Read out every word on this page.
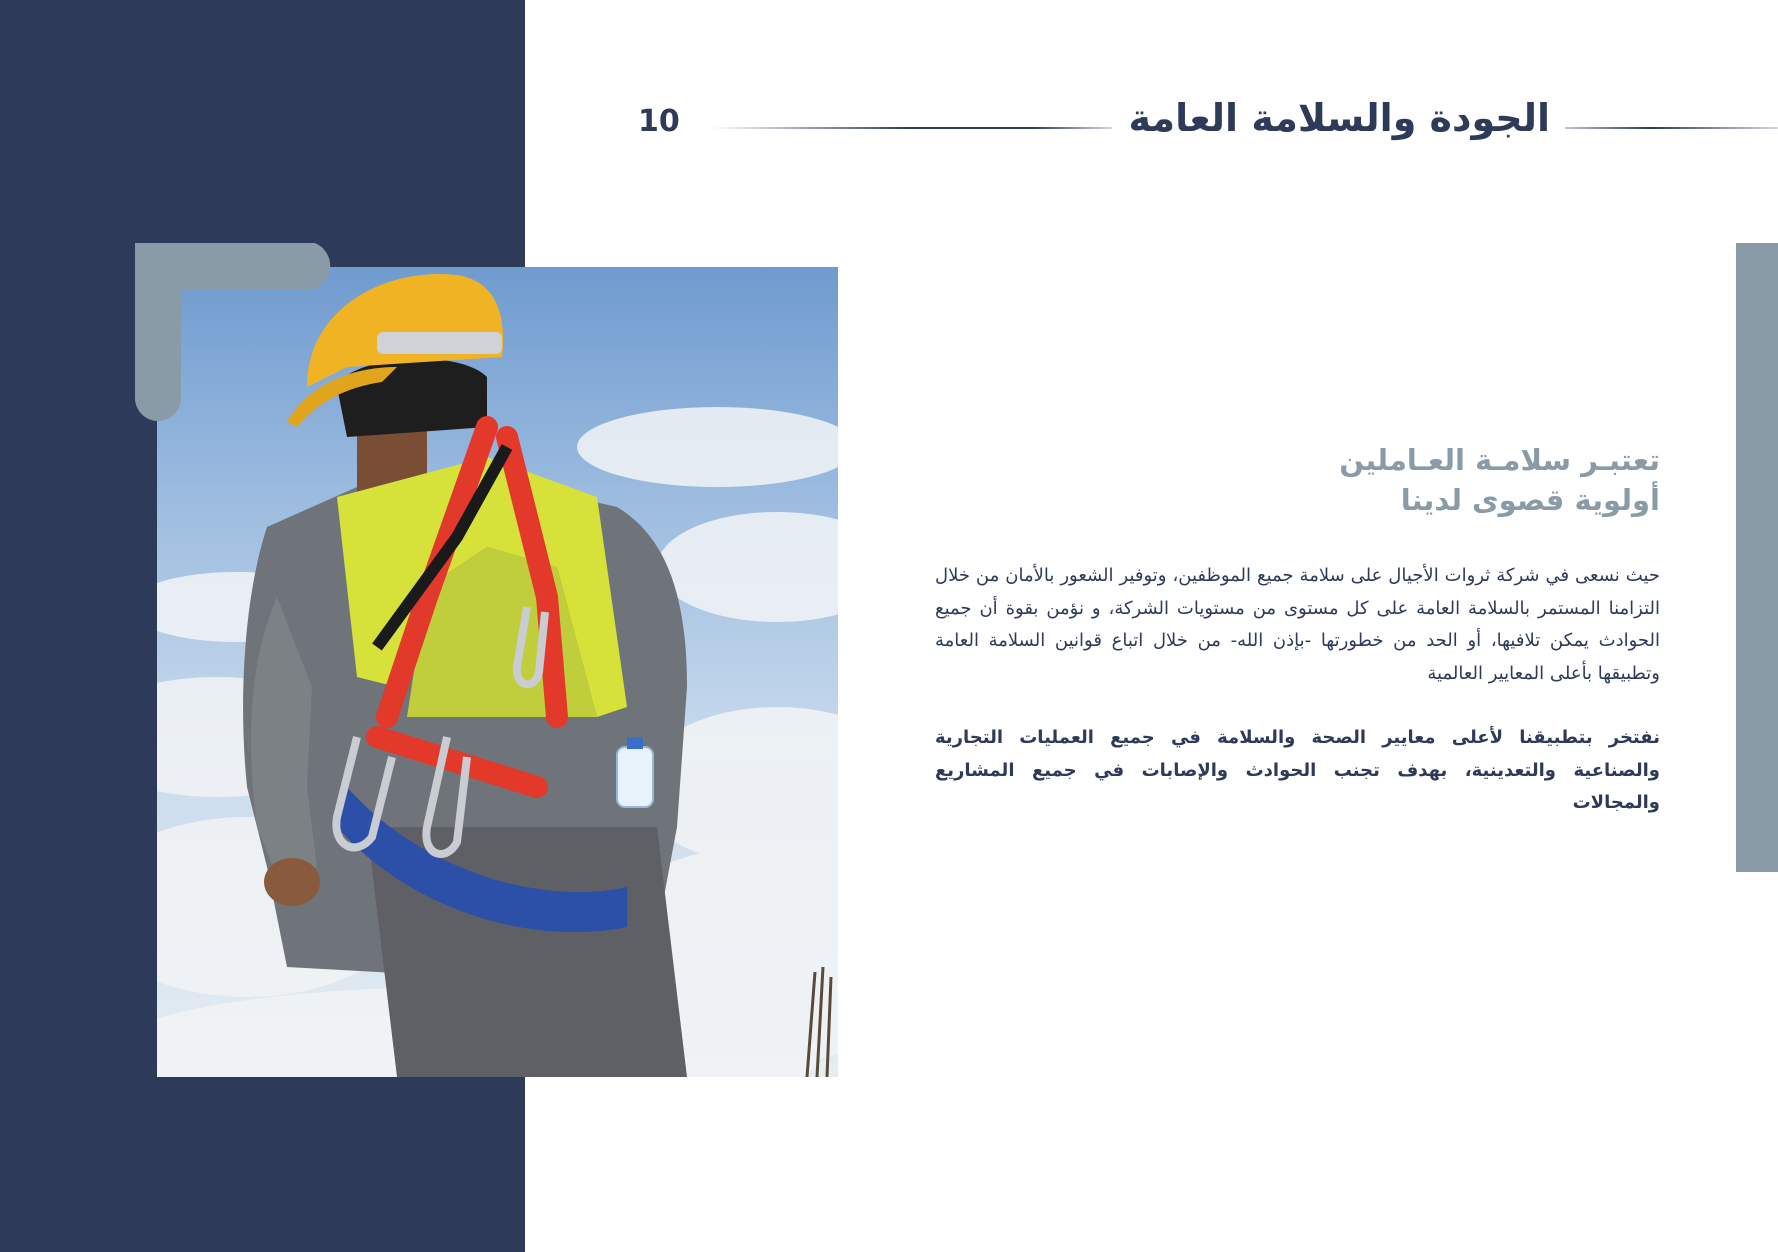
10	الجودة والسلامة العامة
تعتبـر سلامـة العـاملين
أولوية قصوى لدينا
حيث نسعى في شركة ثروات الأجيال على سلامة جميع الموظفين، وتوفير الشعور بالأمان من خلال التزامنا المستمر بالسلامة العامة على كل مستوى من مستويات الشركة، و نؤمن بقوة أن جميع الحوادث يمكن تلافيها، أو الحد من خطورتها -بإذن الله- من خلال اتباع قوانين السلامة العامة وتطبيقها بأعلى المعايير العالمية
نفتخر بتطبيقنا لأعلى معايير الصحة والسلامة في جميع العمليات التجارية والصناعية والتعدينية، بهدف تجنب الحوادث والإصابات في جميع المشاريع والمجالات
